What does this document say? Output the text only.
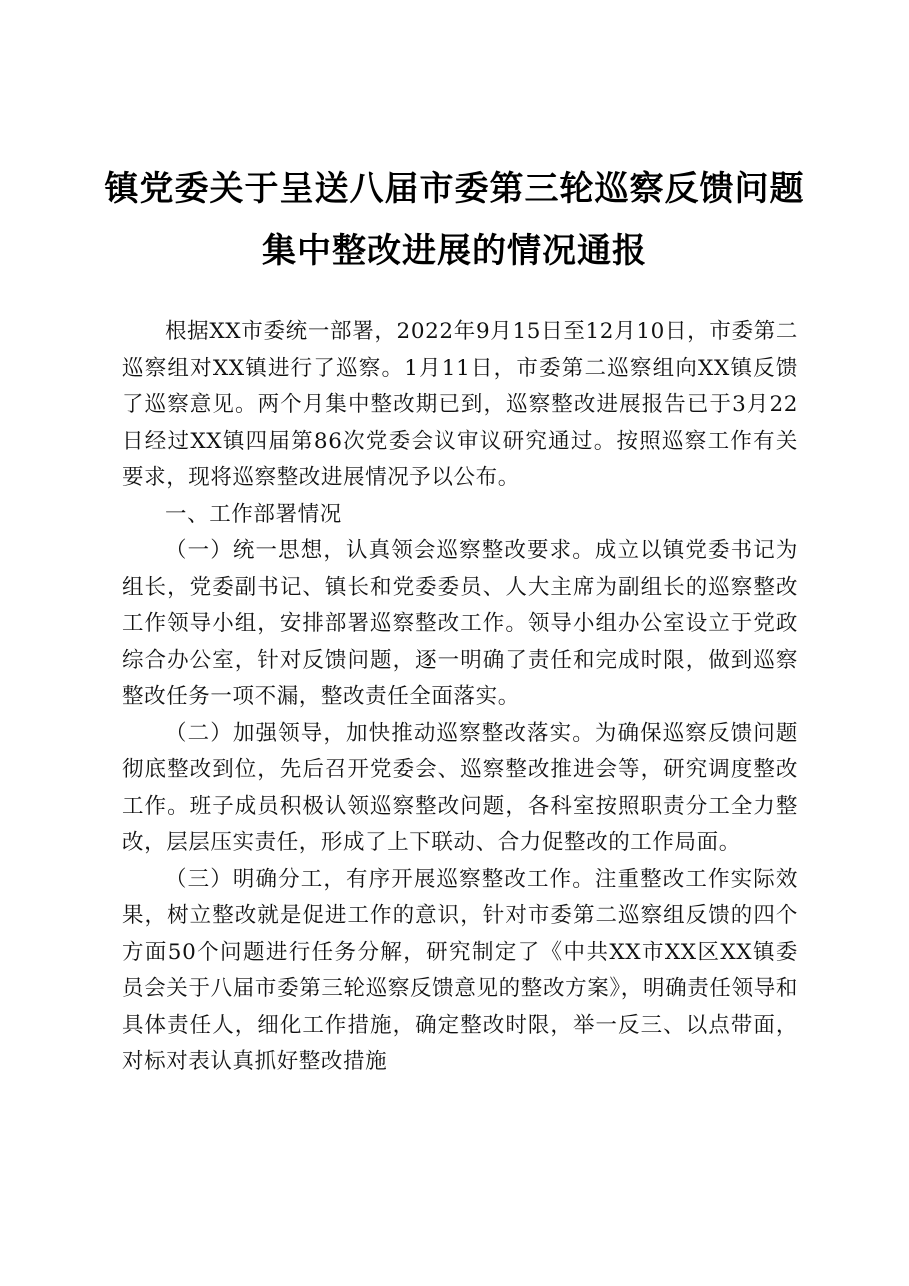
镇党委关于呈送八届市委第三轮巡察反馈问题
集中整改进展的情况通报

根据XX市委统一部署，2022年9月15日至12月10日，市委第二巡察组对XX镇进行了巡察。1月11日，市委第二巡察组向XX镇反馈了巡察意见。两个月集中整改期已到，巡察整改进展报告已于3月22日经过XX镇四届第86次党委会议审议研究通过。按照巡察工作有关要求，现将巡察整改进展情况予以公布。

一、工作部署情况

（一）统一思想，认真领会巡察整改要求。成立以镇党委书记为组长，党委副书记、镇长和党委委员、人大主席为副组长的巡察整改工作领导小组，安排部署巡察整改工作。领导小组办公室设立于党政综合办公室，针对反馈问题，逐一明确了责任和完成时限，做到巡察整改任务一项不漏，整改责任全面落实。

（二）加强领导，加快推动巡察整改落实。为确保巡察反馈问题彻底整改到位，先后召开党委会、巡察整改推进会等，研究调度整改工作。班子成员积极认领巡察整改问题，各科室按照职责分工全力整改，层层压实责任，形成了上下联动、合力促整改的工作局面。

（三）明确分工，有序开展巡察整改工作。注重整改工作实际效果，树立整改就是促进工作的意识，针对市委第二巡察组反馈的四个方面50个问题进行任务分解，研究制定了《中共XX市XX区XX镇委员会关于八届市委第三轮巡察反馈意见的整改方案》，明确责任领导和具体责任人，细化工作措施，确定整改时限，举一反三、以点带面，对标对表认真抓好整改措施
